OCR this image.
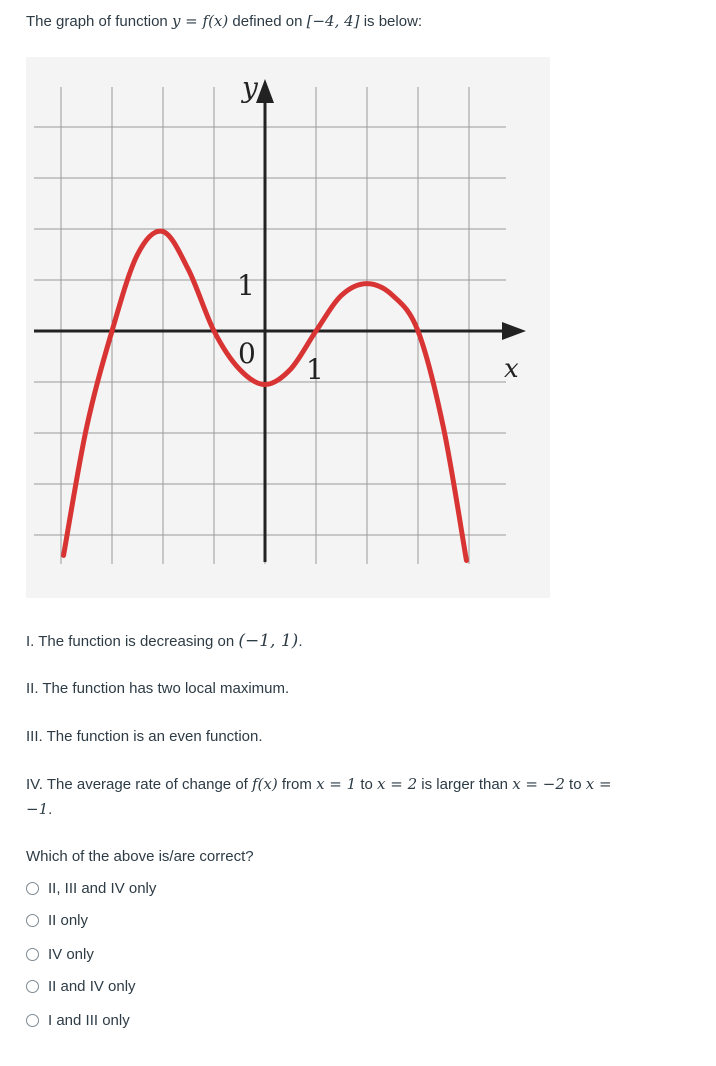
The graph of function y = f(x) defined on [−4, 4] is below:
y
x
1
0 1
I. The function is decreasing on (−1, 1).
II. The function has two local maximum.
III. The function is an even function.
IV. The average rate of change of f(x) from x = 1 to x = 2 is larger than x = −2 to x =
−1.
Which of the above is/are correct?
II, III and IV only
II only
IV only
II and IV only
I and III only
